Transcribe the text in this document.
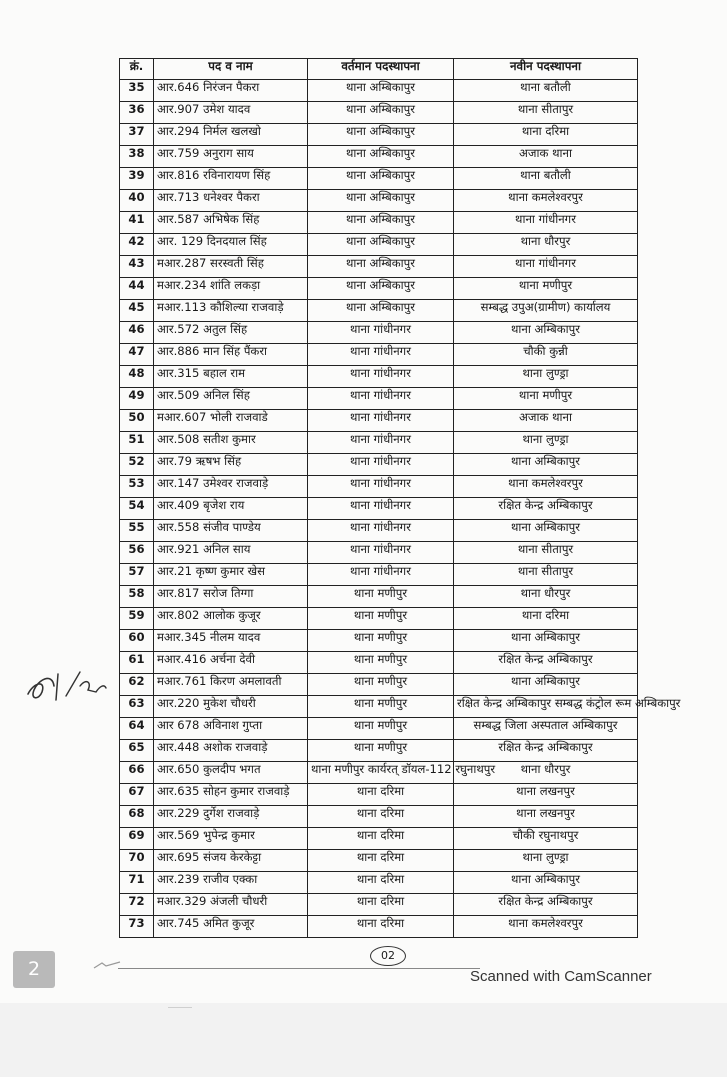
क्रं.	पद व नाम	वर्तमान पदस्थापना	नवीन पदस्थापना
35	आर.646 निरंजन पैकरा	थाना अम्बिकापुर	थाना बतौली
36	आर.907 उमेश यादव	थाना अम्बिकापुर	थाना सीतापुर
37	आर.294 निर्मल खलखो	थाना अम्बिकापुर	थाना दरिमा
38	आर.759 अनुराग साय	थाना अम्बिकापुर	अजाक थाना
39	आर.816 रविनारायण सिंह	थाना अम्बिकापुर	थाना बतौली
40	आर.713 धनेश्वर पैकरा	थाना अम्बिकापुर	थाना कमलेश्वरपुर
41	आर.587 अभिषेक सिंह	थाना अम्बिकापुर	थाना गांधीनगर
42	आर. 129 दिनदयाल सिंह	थाना अम्बिकापुर	थाना धौरपुर
43	मआर.287 सरस्वती सिंह	थाना अम्बिकापुर	थाना गांधीनगर
44	मआर.234 शांति लकड़ा	थाना अम्बिकापुर	थाना मणीपुर
45	मआर.113 कौशिल्या राजवाड़े	थाना अम्बिकापुर	सम्बद्ध उपुअ(ग्रामीण) कार्यालय
46	आर.572 अतुल सिंह	थाना गांधीनगर	थाना अम्बिकापुर
47	आर.886 मान सिंह पैंकरा	थाना गांधीनगर	चौकी कुन्नी
48	आर.315 बहाल राम	थाना गांधीनगर	थाना लुण्ड्रा
49	आर.509 अनिल सिंह	थाना गांधीनगर	थाना मणीपुर
50	मआर.607 भोली राजवाडे	थाना गांधीनगर	अजाक थाना
51	आर.508 सतीश कुमार	थाना गांधीनगर	थाना लुण्ड्रा
52	आर.79 ऋषभ सिंह	थाना गांधीनगर	थाना अम्बिकापुर
53	आर.147 उमेश्वर राजवाड़े	थाना गांधीनगर	थाना कमलेश्वरपुर
54	आर.409 बृजेश राय	थाना गांधीनगर	रक्षित केन्द्र अम्बिकापुर
55	आर.558 संजीव पाण्डेय	थाना गांधीनगर	थाना अम्बिकापुर
56	आर.921 अनिल साय	थाना गांधीनगर	थाना सीतापुर
57	आर.21 कृष्ण कुमार खेस	थाना गांधीनगर	थाना सीतापुर
58	आर.817 सरोज तिग्गा	थाना मणीपुर	थाना धौरपुर
59	आर.802 आलोक कुजूर	थाना मणीपुर	थाना दरिमा
60	मआर.345 नीलम यादव	थाना मणीपुर	थाना अम्बिकापुर
61	मआर.416 अर्चना देवी	थाना मणीपुर	रक्षित केन्द्र अम्बिकापुर
62	मआर.761 किरण अमलावती	थाना मणीपुर	थाना अम्बिकापुर
63	आर.220 मुकेश चौधरी	थाना मणीपुर	रक्षित केन्द्र अम्बिकापुर सम्बद्ध कंट्रोल रूम अम्बिकापुर
64	आर 678 अविनाश गुप्ता	थाना मणीपुर	सम्बद्ध जिला अस्पताल अम्बिकापुर
65	आर.448 अशोक राजवाड़े	थाना मणीपुर	रक्षित केन्द्र अम्बिकापुर
66	आर.650 कुलदीप भगत	थाना मणीपुर कार्यरत् डॉयल-112 रघुनाथपुर	थाना धौरपुर
67	आर.635 सोहन कुमार राजवाड़े	थाना दरिमा	थाना लखनपुर
68	आर.229 दुर्गेश राजवाड़े	थाना दरिमा	थाना लखनपुर
69	आर.569 भुपेन्द्र कुमार	थाना दरिमा	चौकी रघुनाथपुर
70	आर.695 संजय केरकेट्टा	थाना दरिमा	थाना लुण्ड्रा
71	आर.239 राजीव एक्का	थाना दरिमा	थाना अम्बिकापुर
72	मआर.329 अंजली चौधरी	थाना दरिमा	रक्षित केन्द्र अम्बिकापुर
73	आर.745 अमित कुजूर	थाना दरिमा	थाना कमलेश्वरपुर
02
Scanned with CamScanner
2
